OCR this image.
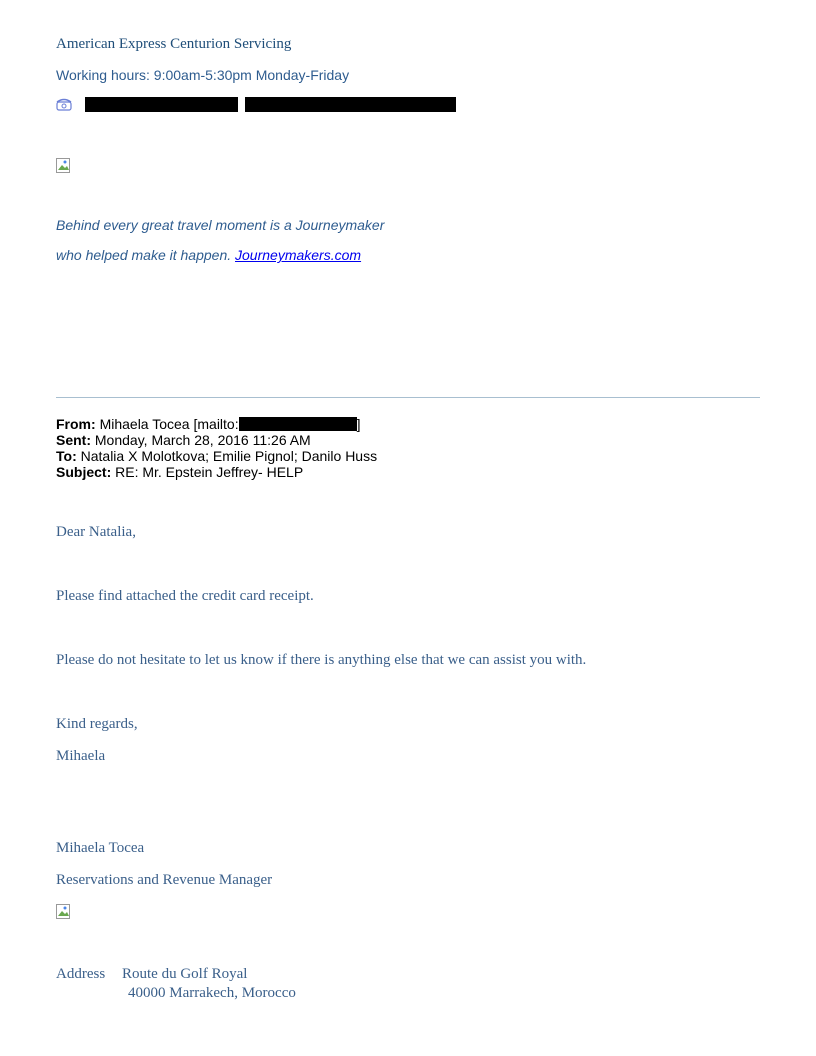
American Express Centurion Servicing
Working hours: 9:00am-5:30pm Monday-Friday
Behind every great travel moment is a Journeymaker
who helped make it happen. Journeymakers.com
From: Mihaela Tocea [mailto:	]
Sent: Monday, March 28, 2016 11:26 AM
To: Natalia X Molotkova; Emilie Pignol; Danilo Huss
Subject: RE: Mr. Epstein Jeffrey- HELP
Dear Natalia,
Please find attached the credit card receipt.
Please do not hesitate to let us know if there is anything else that we can assist you with.
Kind regards,
Mihaela
Mihaela Tocea
Reservations and Revenue Manager
Address Route du Golf Royal
40000 Marrakech, Morocco
